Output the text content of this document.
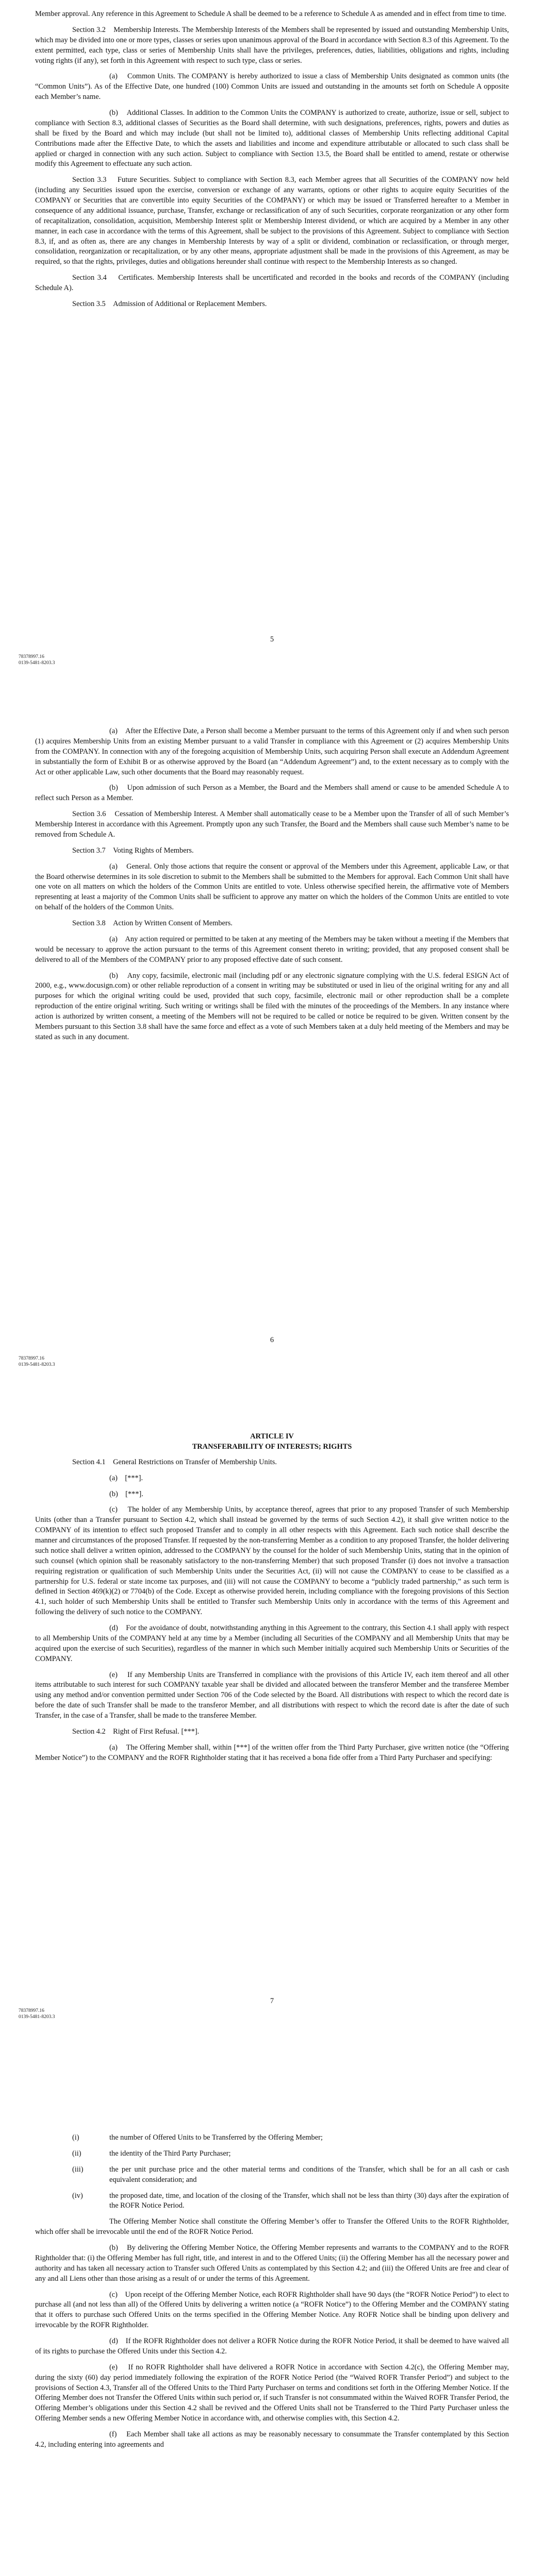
Member approval. Any reference in this Agreement to Schedule A shall be deemed to be a reference to Schedule A as amended and in effect from time to time.

Section 3.2    Membership Interests. The Membership Interests of the Members shall be represented by issued and outstanding Membership Units, which may be divided into one or more types, classes or series upon unanimous approval of the Board in accordance with Section 8.3 of this Agreement. To the extent permitted, each type, class or series of Membership Units shall have the privileges, preferences, duties, liabilities, obligations and rights, including voting rights (if any), set forth in this Agreement with respect to such type, class or series.

(a)    Common Units. The COMPANY is hereby authorized to issue a class of Membership Units designated as common units (the “Common Units”). As of the Effective Date, one hundred (100) Common Units are issued and outstanding in the amounts set forth on Schedule A opposite each Member’s name.

(b)    Additional Classes. In addition to the Common Units the COMPANY is authorized to create, authorize, issue or sell, subject to compliance with Section 8.3, additional classes of Securities as the Board shall determine, with such designations, preferences, rights, powers and duties as shall be fixed by the Board and which may include (but shall not be limited to), additional classes of Membership Units reflecting additional Capital Contributions made after the Effective Date, to which the assets and liabilities and income and expenditure attributable or allocated to such class shall be applied or charged in connection with any such action. Subject to compliance with Section 13.5, the Board shall be entitled to amend, restate or otherwise modify this Agreement to effectuate any such action.

Section 3.3    Future Securities. Subject to compliance with Section 8.3, each Member agrees that all Securities of the COMPANY now held (including any Securities issued upon the exercise, conversion or exchange of any warrants, options or other rights to acquire equity Securities of the COMPANY or Securities that are convertible into equity Securities of the COMPANY) or which may be issued or Transferred hereafter to a Member in consequence of any additional issuance, purchase, Transfer, exchange or reclassification of any of such Securities, corporate reorganization or any other form of recapitalization, consolidation, acquisition, Membership Interest split or Membership Interest dividend, or which are acquired by a Member in any other manner, in each case in accordance with the terms of this Agreement, shall be subject to the provisions of this Agreement. Subject to compliance with Section 8.3, if, and as often as, there are any changes in Membership Interests by way of a split or dividend, combination or reclassification, or through merger, consolidation, reorganization or recapitalization, or by any other means, appropriate adjustment shall be made in the provisions of this Agreement, as may be required, so that the rights, privileges, duties and obligations hereunder shall continue with respect to the Membership Interests as so changed.

Section 3.4    Certificates. Membership Interests shall be uncertificated and recorded in the books and records of the COMPANY (including Schedule A).

Section 3.5    Admission of Additional or Replacement Members.

5
78378997.16
0139-5481-8203.3

(a)    After the Effective Date, a Person shall become a Member pursuant to the terms of this Agreement only if and when such person (1) acquires Membership Units from an existing Member pursuant to a valid Transfer in compliance with this Agreement or (2) acquires Membership Units from the COMPANY. In connection with any of the foregoing acquisition of Membership Units, such acquiring Person shall execute an Addendum Agreement in substantially the form of Exhibit B or as otherwise approved by the Board (an “Addendum Agreement”) and, to the extent necessary as to comply with the Act or other applicable Law, such other documents that the Board may reasonably request.

(b)    Upon admission of such Person as a Member, the Board and the Members shall amend or cause to be amended Schedule A to reflect such Person as a Member.

Section 3.6    Cessation of Membership Interest. A Member shall automatically cease to be a Member upon the Transfer of all of such Member’s Membership Interest in accordance with this Agreement. Promptly upon any such Transfer, the Board and the Members shall cause such Member’s name to be removed from Schedule A.

Section 3.7    Voting Rights of Members.

(a)    General. Only those actions that require the consent or approval of the Members under this Agreement, applicable Law, or that the Board otherwise determines in its sole discretion to submit to the Members shall be submitted to the Members for approval. Each Common Unit shall have one vote on all matters on which the holders of the Common Units are entitled to vote. Unless otherwise specified herein, the affirmative vote of Members representing at least a majority of the Common Units shall be sufficient to approve any matter on which the holders of the Common Units are entitled to vote on behalf of the holders of the Common Units.

Section 3.8    Action by Written Consent of Members.

(a)    Any action required or permitted to be taken at any meeting of the Members may be taken without a meeting if the Members that would be necessary to approve the action pursuant to the terms of this Agreement consent thereto in writing; provided, that any proposed consent shall be delivered to all of the Members of the COMPANY prior to any proposed effective date of such consent.

(b)    Any copy, facsimile, electronic mail (including pdf or any electronic signature complying with the U.S. federal ESIGN Act of 2000, e.g., www.docusign.com) or other reliable reproduction of a consent in writing may be substituted or used in lieu of the original writing for any and all purposes for which the original writing could be used, provided that such copy, facsimile, electronic mail or other reproduction shall be a complete reproduction of the entire original writing. Such writing or writings shall be filed with the minutes of the proceedings of the Members. In any instance where action is authorized by written consent, a meeting of the Members will not be required to be called or notice be required to be given. Written consent by the Members pursuant to this Section 3.8 shall have the same force and effect as a vote of such Members taken at a duly held meeting of the Members and may be stated as such in any document.

6
78378997.16
0139-5481-8203.3

ARTICLE IV

TRANSFERABILITY OF INTERESTS; RIGHTS

Section 4.1    General Restrictions on Transfer of Membership Units.

(a)    [***].

(b)    [***].

(c)    The holder of any Membership Units, by acceptance thereof, agrees that prior to any proposed Transfer of such Membership Units (other than a Transfer pursuant to Section 4.2, which shall instead be governed by the terms of such Section 4.2), it shall give written notice to the COMPANY of its intention to effect such proposed Transfer and to comply in all other respects with this Agreement. Each such notice shall describe the manner and circumstances of the proposed Transfer. If requested by the non-transferring Member as a condition to any proposed Transfer, the holder delivering such notice shall deliver a written opinion, addressed to the COMPANY by the counsel for the holder of such Membership Units, stating that in the opinion of such counsel (which opinion shall be reasonably satisfactory to the non-transferring Member) that such proposed Transfer (i) does not involve a transaction requiring registration or qualification of such Membership Units under the Securities Act, (ii) will not cause the COMPANY to cease to be classified as a partnership for U.S. federal or state income tax purposes, and (iii) will not cause the COMPANY to become a “publicly traded partnership,” as such term is defined in Section 469(k)(2) or 7704(b) of the Code. Except as otherwise provided herein, including compliance with the foregoing provisions of this Section 4.1, such holder of such Membership Units shall be entitled to Transfer such Membership Units only in accordance with the terms of this Agreement and following the delivery of such notice to the COMPANY.

(d)    For the avoidance of doubt, notwithstanding anything in this Agreement to the contrary, this Section 4.1 shall apply with respect to all Membership Units of the COMPANY held at any time by a Member (including all Securities of the COMPANY and all Membership Units that may be acquired upon the exercise of such Securities), regardless of the manner in which such Member initially acquired such Membership Units or Securities of the COMPANY.

(e)    If any Membership Units are Transferred in compliance with the provisions of this Article IV, each item thereof and all other items attributable to such interest for such COMPANY taxable year shall be divided and allocated between the transferor Member and the transferee Member using any method and/or convention permitted under Section 706 of the Code selected by the Board. All distributions with respect to which the record date is before the date of such Transfer shall be made to the transferor Member, and all distributions with respect to which the record date is after the date of such Transfer, in the case of a Transfer, shall be made to the transferee Member.

Section 4.2    Right of First Refusal. [***].

(a)    The Offering Member shall, within [***] of the written offer from the Third Party Purchaser, give written notice (the “Offering Member Notice”) to the COMPANY and the ROFR Rightholder stating that it has received a bona fide offer from a Third Party Purchaser and specifying:

7
78378997.16
0139-5481-8203.3

(i)	the number of Offered Units to be Transferred by the Offering Member;

(ii)	the identity of the Third Party Purchaser;

(iii)	the per unit purchase price and the other material terms and conditions of the Transfer, which shall be for an all cash or cash equivalent consideration; and

(iv)	the proposed date, time, and location of the closing of the Transfer, which shall not be less than thirty (30) days after the expiration of the ROFR Notice Period.

The Offering Member Notice shall constitute the Offering Member’s offer to Transfer the Offered Units to the ROFR Rightholder, which offer shall be irrevocable until the end of the ROFR Notice Period.

(b)    By delivering the Offering Member Notice, the Offering Member represents and warrants to the COMPANY and to the ROFR Rightholder that: (i) the Offering Member has full right, title, and interest in and to the Offered Units; (ii) the Offering Member has all the necessary power and authority and has taken all necessary action to Transfer such Offered Units as contemplated by this Section 4.2; and (iii) the Offered Units are free and clear of any and all Liens other than those arising as a result of or under the terms of this Agreement.

(c)    Upon receipt of the Offering Member Notice, each ROFR Rightholder shall have 90 days (the “ROFR Notice Period”) to elect to purchase all (and not less than all) of the Offered Units by delivering a written notice (a “ROFR Notice”) to the Offering Member and the COMPANY stating that it offers to purchase such Offered Units on the terms specified in the Offering Member Notice. Any ROFR Notice shall be binding upon delivery and irrevocable by the ROFR Rightholder.

(d)    If the ROFR Rightholder does not deliver a ROFR Notice during the ROFR Notice Period, it shall be deemed to have waived all of its rights to purchase the Offered Units under this Section 4.2.

(e)    If no ROFR Rightholder shall have delivered a ROFR Notice in accordance with Section 4.2(c), the Offering Member may, during the sixty (60) day period immediately following the expiration of the ROFR Notice Period (the “Waived ROFR Transfer Period”) and subject to the provisions of Section 4.3, Transfer all of the Offered Units to the Third Party Purchaser on terms and conditions set forth in the Offering Member Notice. If the Offering Member does not Transfer the Offered Units within such period or, if such Transfer is not consummated within the Waived ROFR Transfer Period, the Offering Member’s obligations under this Section 4.2 shall be revived and the Offered Units shall not be Transferred to the Third Party Purchaser unless the Offering Member sends a new Offering Member Notice in accordance with, and otherwise complies with, this Section 4.2.

(f)    Each Member shall take all actions as may be reasonably necessary to consummate the Transfer contemplated by this Section 4.2, including entering into agreements and
